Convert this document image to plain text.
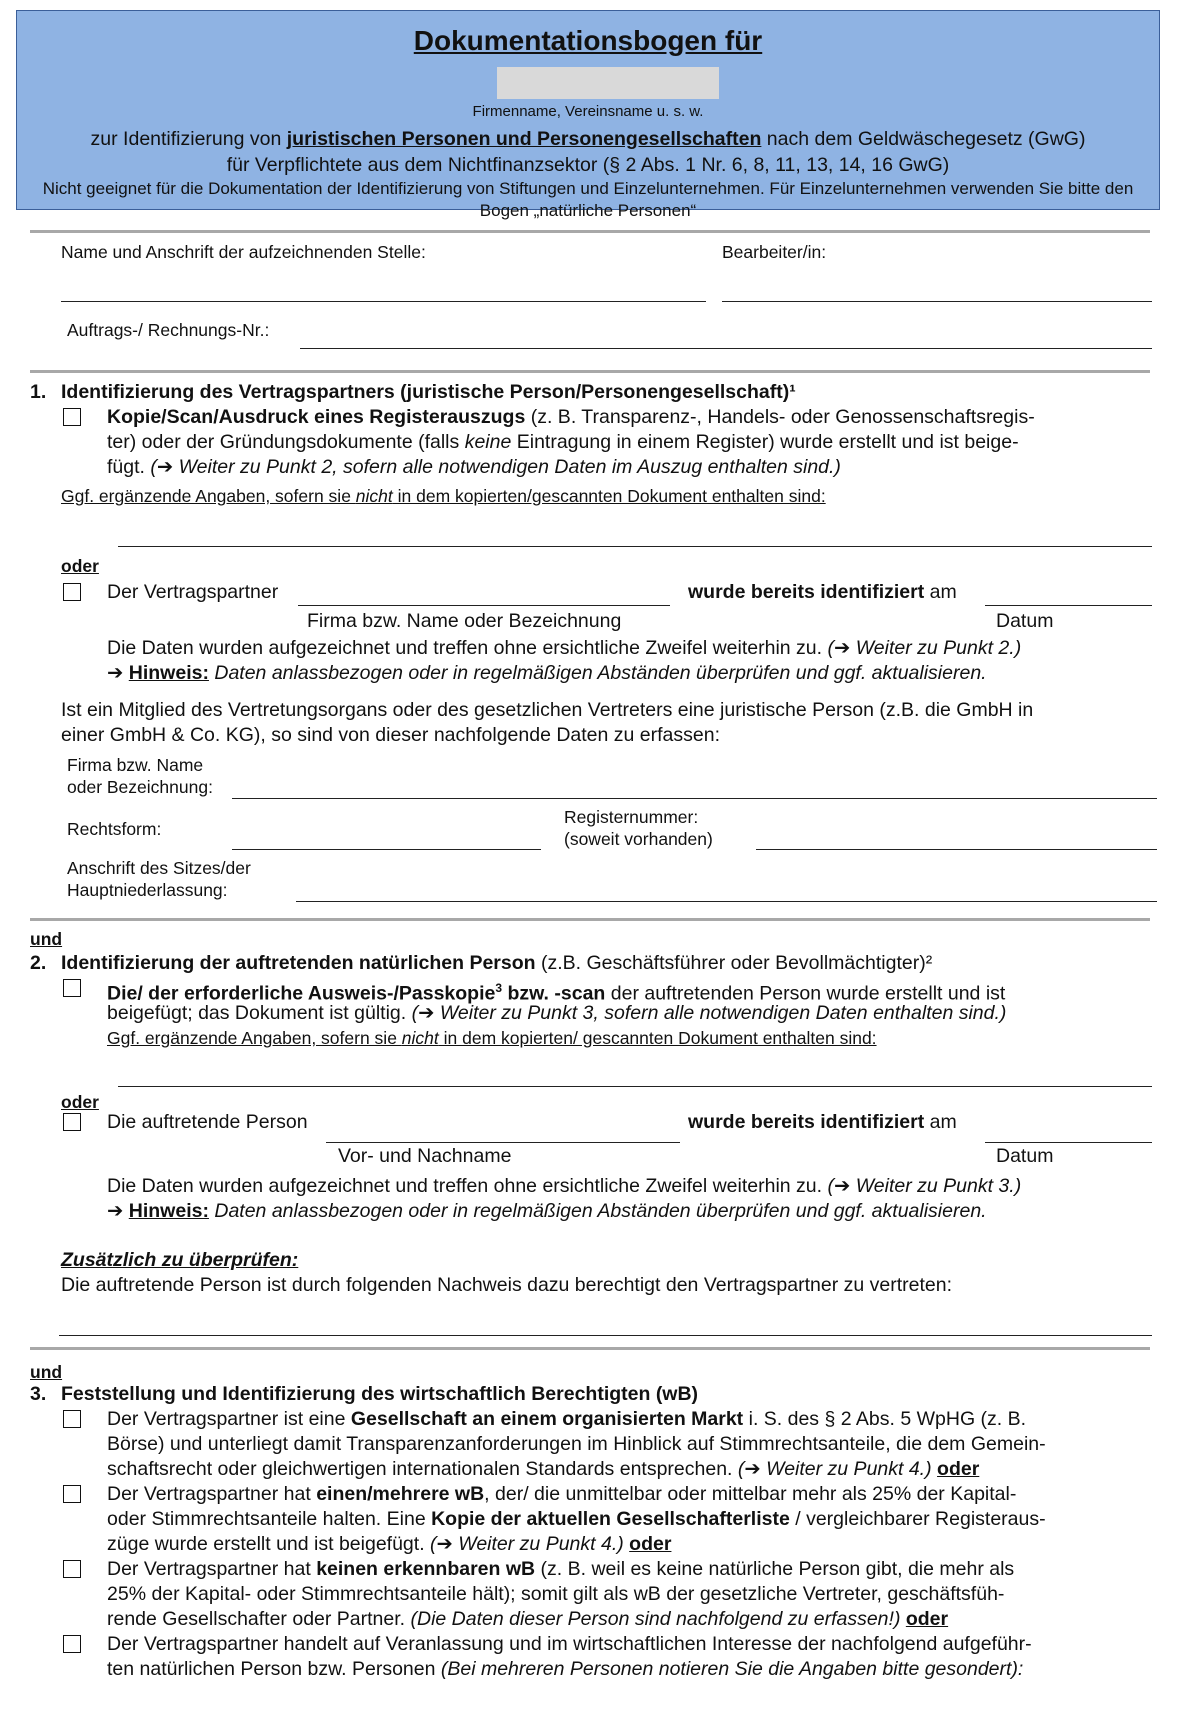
Dokumentationsbogen für
Firmenname, Vereinsname u. s. w.
zur Identifizierung von juristischen Personen und Personengesellschaften nach dem Geldwäschegesetz (GwG)
für Verpflichtete aus dem Nichtfinanzsektor (§ 2 Abs. 1 Nr. 6, 8, 11, 13, 14, 16 GwG)
Nicht geeignet für die Dokumentation der Identifizierung von Stiftungen und Einzelunternehmen. Für Einzelunternehmen verwenden Sie bitte den Bogen „natürliche Personen“
Name und Anschrift der aufzeichnenden Stelle:	Bearbeiter/in:
Auftrags-/ Rechnungs-Nr.:
1. Identifizierung des Vertragspartners (juristische Person/Personengesellschaft)¹
Kopie/Scan/Ausdruck eines Registerauszugs (z. B. Transparenz-, Handels- oder Genossenschaftsregis-
ter) oder der Gründungsdokumente (falls keine Eintragung in einem Register) wurde erstellt und ist beige-
fügt. (➔ Weiter zu Punkt 2, sofern alle notwendigen Daten im Auszug enthalten sind.)
Ggf. ergänzende Angaben, sofern sie nicht in dem kopierten/gescannten Dokument enthalten sind:
oder
Der Vertragspartner	wurde bereits identifiziert am
Firma bzw. Name oder Bezeichnung	Datum
Die Daten wurden aufgezeichnet und treffen ohne ersichtliche Zweifel weiterhin zu. (➔ Weiter zu Punkt 2.)
➔ Hinweis: Daten anlassbezogen oder in regelmäßigen Abständen überprüfen und ggf. aktualisieren.
Ist ein Mitglied des Vertretungsorgans oder des gesetzlichen Vertreters eine juristische Person (z.B. die GmbH in
einer GmbH & Co. KG), so sind von dieser nachfolgende Daten zu erfassen:
Firma bzw. Name
oder Bezeichnung:
Rechtsform:
Registernummer:
(soweit vorhanden)
Anschrift des Sitzes/der
Hauptniederlassung:
und
2. Identifizierung der auftretenden natürlichen Person (z.B. Geschäftsführer oder Bevollmächtigter)²
Die/ der erforderliche Ausweis-/Passkopie$^3$ bzw. -scan der auftretenden Person wurde erstellt und ist
beigefügt; das Dokument ist gültig. (➔ Weiter zu Punkt 3, sofern alle notwendigen Daten enthalten sind.)
Ggf. ergänzende Angaben, sofern sie nicht in dem kopierten/ gescannten Dokument enthalten sind:
oder
Die auftretende Person	wurde bereits identifiziert am
Vor- und Nachname	Datum
Die Daten wurden aufgezeichnet und treffen ohne ersichtliche Zweifel weiterhin zu. (➔ Weiter zu Punkt 3.)
➔ Hinweis: Daten anlassbezogen oder in regelmäßigen Abständen überprüfen und ggf. aktualisieren.
Zusätzlich zu überprüfen:
Die auftretende Person ist durch folgenden Nachweis dazu berechtigt den Vertragspartner zu vertreten:
und
3. Feststellung und Identifizierung des wirtschaftlich Berechtigten (wB)
Der Vertragspartner ist eine Gesellschaft an einem organisierten Markt i. S. des § 2 Abs. 5 WpHG (z. B.
Börse) und unterliegt damit Transparenzanforderungen im Hinblick auf Stimmrechtsanteile, die dem Gemein-
schaftsrecht oder gleichwertigen internationalen Standards entsprechen. (➔ Weiter zu Punkt 4.) oder
Der Vertragspartner hat einen/mehrere wB, der/ die unmittelbar oder mittelbar mehr als 25% der Kapital-
oder Stimmrechtsanteile halten. Eine Kopie der aktuellen Gesellschafterliste / vergleichbarer Registeraus-
züge wurde erstellt und ist beigefügt. (➔ Weiter zu Punkt 4.) oder
Der Vertragspartner hat keinen erkennbaren wB (z. B. weil es keine natürliche Person gibt, die mehr als
25% der Kapital- oder Stimmrechtsanteile hält); somit gilt als wB der gesetzliche Vertreter, geschäftsfüh-
rende Gesellschafter oder Partner. (Die Daten dieser Person sind nachfolgend zu erfassen!) oder
Der Vertragspartner handelt auf Veranlassung und im wirtschaftlichen Interesse der nachfolgend aufgeführ-
ten natürlichen Person bzw. Personen (Bei mehreren Personen notieren Sie die Angaben bitte gesondert):
